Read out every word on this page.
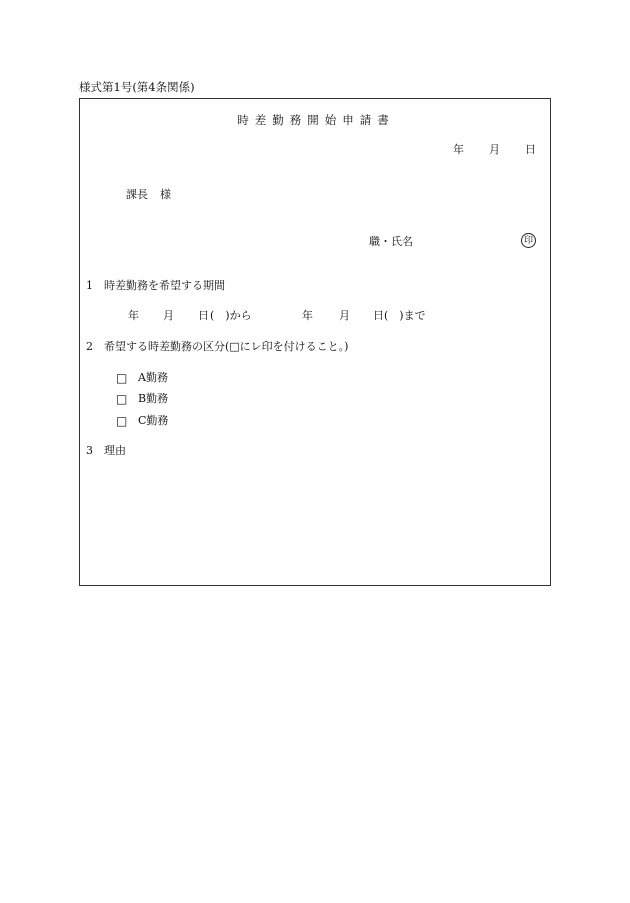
様式第1号(第4条関係)
時差勤務開始申請書
年 月 日
課長 様
職・氏名	印
1 時差勤務を希望する期間
年 月 日 (　)から	年 月 日 (　)まで
2 希望する時差勤務の区分(□にレ印を付けること。)
□ A勤務
□ B勤務
□ C勤務
3 理由
